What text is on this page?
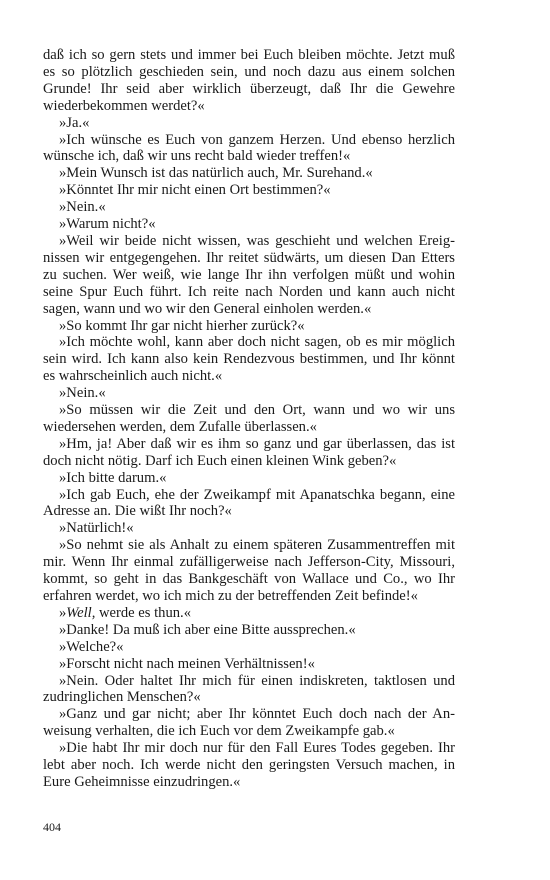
daß ich so gern stets und immer bei Euch bleiben möchte. Jetzt muß es so plötzlich geschieden sein, und noch dazu aus einem solchen Grunde! Ihr seid aber wirklich überzeugt, daß Ihr die Gewehre wiederbekommen werdet?«

»Ja.«

»Ich wünsche es Euch von ganzem Herzen. Und ebenso herzlich wünsche ich, daß wir uns recht bald wieder treffen!«

»Mein Wunsch ist das natürlich auch, Mr. Surehand.«

»Könntet Ihr mir nicht einen Ort bestimmen?«

»Nein.«

»Warum nicht?«

»Weil wir beide nicht wissen, was geschieht und welchen Ereignissen wir entgegengehen. Ihr reitet südwärts, um diesen Dan Etters zu suchen. Wer weiß, wie lange Ihr ihn verfolgen müßt und wohin seine Spur Euch führt. Ich reite nach Norden und kann auch nicht sagen, wann und wo wir den General einholen werden.«

»So kommt Ihr gar nicht hierher zurück?«

»Ich möchte wohl, kann aber doch nicht sagen, ob es mir möglich sein wird. Ich kann also kein Rendezvous bestimmen, und Ihr könnt es wahrscheinlich auch nicht.«

»Nein.«

»So müssen wir die Zeit und den Ort, wann und wo wir uns wiedersehen werden, dem Zufalle überlassen.«

»Hm, ja! Aber daß wir es ihm so ganz und gar überlassen, das ist doch nicht nötig. Darf ich Euch einen kleinen Wink geben?«

»Ich bitte darum.«

»Ich gab Euch, ehe der Zweikampf mit Apanatschka begann, eine Adresse an. Die wißt Ihr noch?«

»Natürlich!«

»So nehmt sie als Anhalt zu einem späteren Zusammentreffen mit mir. Wenn Ihr einmal zufälligerweise nach Jefferson-City, Missouri, kommt, so geht in das Bankgeschäft von Wallace und Co., wo Ihr erfahren werdet, wo ich mich zu der betreffenden Zeit befinde!«

»Well, werde es thun.«

»Danke! Da muß ich aber eine Bitte aussprechen.«

»Welche?«

»Forscht nicht nach meinen Verhältnissen!«

»Nein. Oder haltet Ihr mich für einen indiskreten, taktlosen und zudringlichen Menschen?«

»Ganz und gar nicht; aber Ihr könntet Euch doch nach der Anweisung verhalten, die ich Euch vor dem Zweikampfe gab.«

»Die habt Ihr mir doch nur für den Fall Eures Todes gegeben. Ihr lebt aber noch. Ich werde nicht den geringsten Versuch machen, in Eure Geheimnisse einzudringen.«

404
